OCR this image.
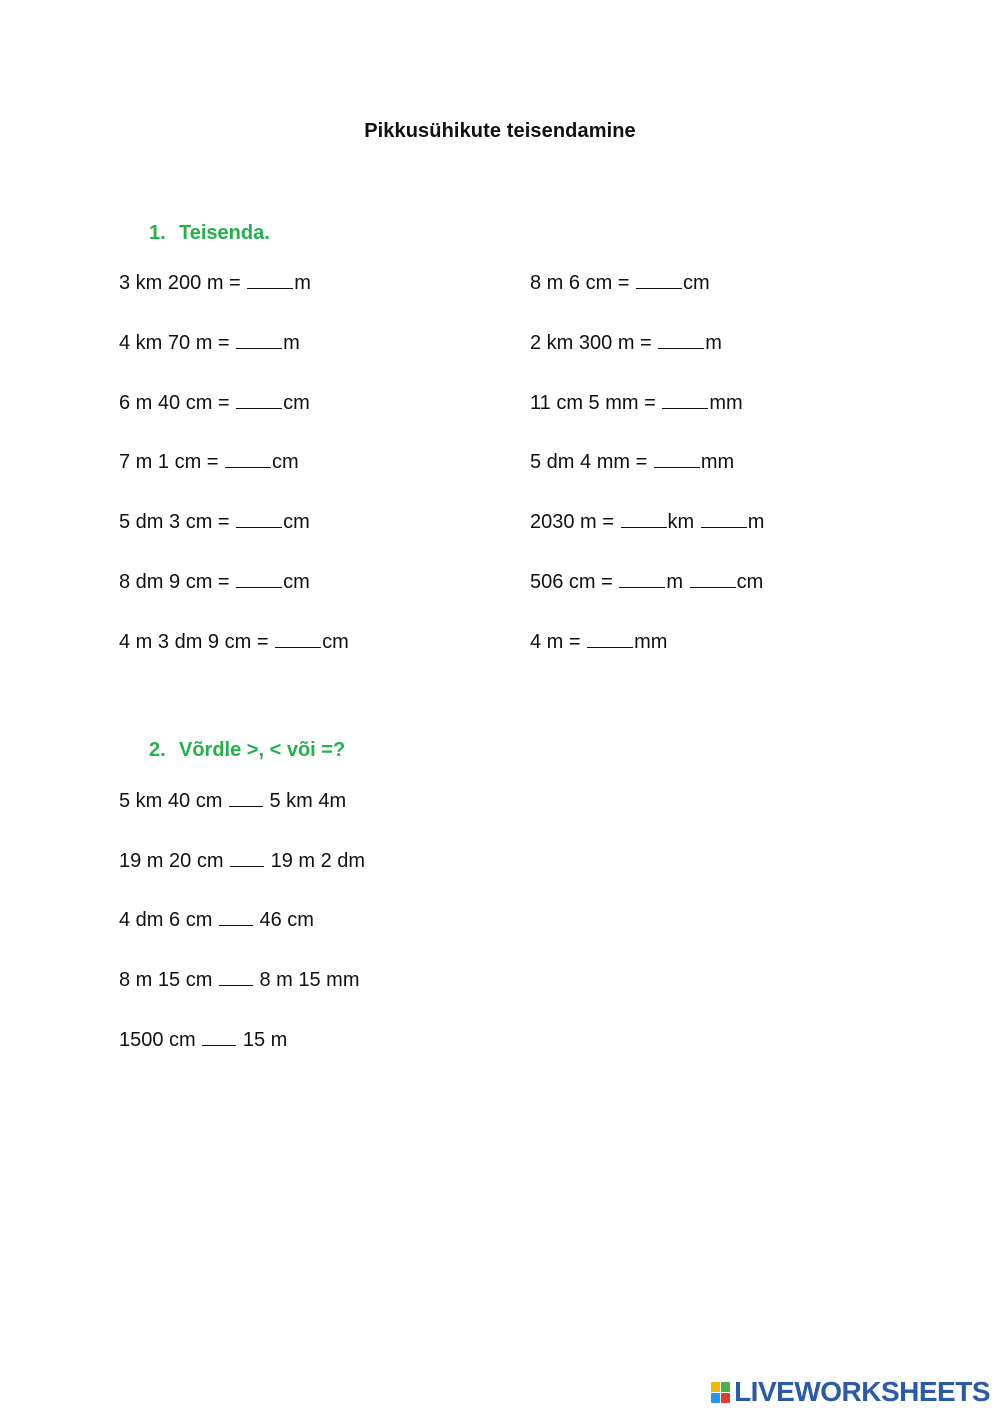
Pikkusühikute teisendamine
1. Teisenda.
3 km 200 m = m
4 km 70 m = m
6 m 40 cm = cm
7 m 1 cm = cm
5 dm 3 cm = cm
8 dm 9 cm = cm
4 m 3 dm 9 cm = cm
8 m 6 cm = cm
2 km 300 m = m
11 cm 5 mm = mm
5 dm 4 mm = mm
2030 m = km m
506 cm = m cm
4 m = mm
2. Võrdle >, < või =?
5 km 40 cm  5 km 4m
19 m 20 cm  19 m 2 dm
4 dm 6 cm  46 cm
8 m 15 cm  8 m 15 mm
1500 cm  15 m
LIVEWORKSHEETS
